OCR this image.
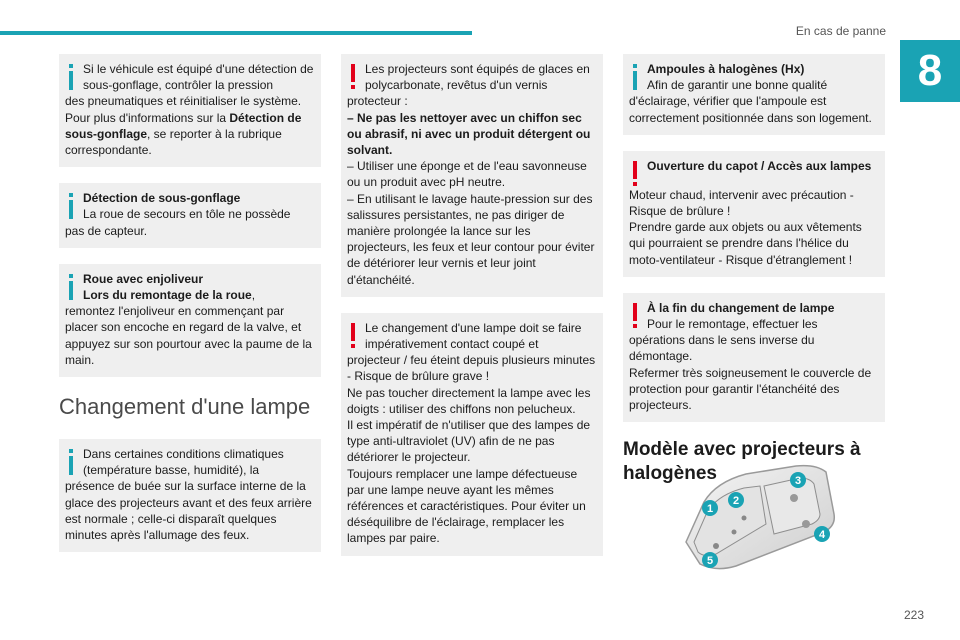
En cas de panne
8
Si le véhicule est équipé d'une détection de sous-gonflage, contrôler la pression
des pneumatiques et réinitialiser le système.
Pour plus d'informations sur la Détection de sous-gonflage, se reporter à la rubrique correspondante.
Détection de sous-gonflage
La roue de secours en tôle ne possède
pas de capteur.
Roue avec enjoliveur
Lors du remontage de la roue,
remontez l'enjoliveur en commençant par placer son encoche en regard de la valve, et appuyez sur son pourtour avec la paume de la main.
Changement d'une lampe
Dans certaines conditions climatiques (température basse, humidité), la
présence de buée sur la surface interne de la glace des projecteurs avant et des feux arrière est normale ; celle-ci disparaît quelques minutes après l'allumage des feux.
Les projecteurs sont équipés de glaces en polycarbonate, revêtus d'un vernis
protecteur :
– Ne pas les nettoyer avec un chiffon sec ou abrasif, ni avec un produit détergent ou solvant.
– Utiliser une éponge et de l'eau savonneuse ou un produit avec pH neutre.
– En utilisant le lavage haute-pression sur des salissures persistantes, ne pas diriger de manière prolongée la lance sur les projecteurs, les feux et leur contour pour éviter de détériorer leur vernis et leur joint d'étanchéité.
Le changement d'une lampe doit se faire impérativement contact coupé et
projecteur / feu éteint depuis plusieurs minutes - Risque de brûlure grave !
Ne pas toucher directement la lampe avec les doigts : utiliser des chiffons non pelucheux.
Il est impératif de n'utiliser que des lampes de type anti-ultraviolet (UV) afin de ne pas détériorer le projecteur.
Toujours remplacer une lampe défectueuse par une lampe neuve ayant les mêmes références et caractéristiques. Pour éviter un déséquilibre de l'éclairage, remplacer les lampes par paire.
Ampoules à halogènes (Hx)
Afin de garantir une bonne qualité
d'éclairage, vérifier que l'ampoule est correctement positionnée dans son logement.
Ouverture du capot / Accès aux lampes
Moteur chaud, intervenir avec précaution - Risque de brûlure !
Prendre garde aux objets ou aux vêtements qui pourraient se prendre dans l'hélice du moto-ventilateur - Risque d'étranglement !
À la fin du changement de lampe
Pour le remontage, effectuer les
opérations dans le sens inverse du démontage.
Refermer très soigneusement le couvercle de protection pour garantir l'étanchéité des projecteurs.
Modèle avec projecteurs à halogènes
1
2
3
4
5
223
